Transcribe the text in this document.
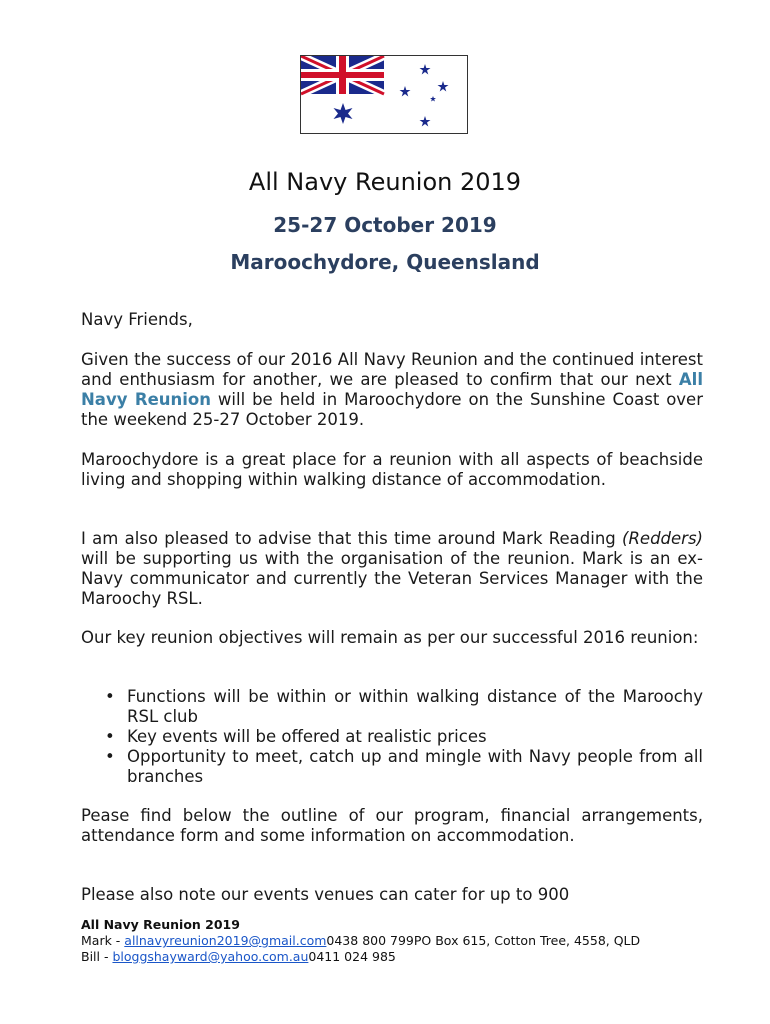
All Navy Reunion 2019
25-27 October 2019
Maroochydore, Queensland
Navy Friends,
Given the success of our 2016 All Navy Reunion and the continued interest and enthusiasm for another, we are pleased to confirm that our next All Navy Reunion will be held in Maroochydore on the Sunshine Coast over the weekend 25-27 October 2019.
Maroochydore is a great place for a reunion with all aspects of beachside living and shopping within walking distance of accommodation.
I am also pleased to advise that this time around Mark Reading (Redders) will be supporting us with the organisation of the reunion. Mark is an ex-Navy communicator and currently the Veteran Services Manager with the Maroochy RSL.
Our key reunion objectives will remain as per our successful 2016 reunion:
• Functions will be within or within walking distance of the Maroochy RSL club
• Key events will be offered at realistic prices
• Opportunity to meet, catch up and mingle with Navy people from all branches
Pease find below the outline of our program, financial arrangements, attendance form and some information on accommodation.
Please also note our events venues can cater for up to 900
All Navy Reunion 2019
Mark - allnavyreunion2019@gmail.com0438 800 799PO Box 615, Cotton Tree, 4558, QLD
Bill - bloggshayward@yahoo.com.au0411 024 985
